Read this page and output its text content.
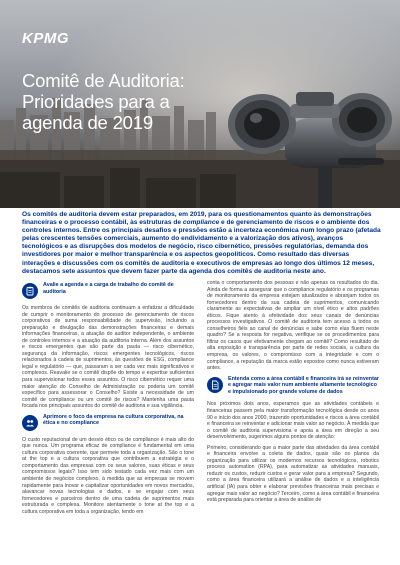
KPMG
Comitê de Auditoria:
Prioridades para a
agenda de 2019
Os comitês de auditoria devem estar preparados, em 2019, para os questionamentos quanto às demonstrações financeiras e o processo contábil, às estruturas de compliance e de gerenciamento de riscos e o ambiente dos controles internos. Entre os principais desafios e pressões estão a incerteza econômica num longo prazo (afetada pelas crescentes tensões comerciais, aumento do endividamento e a valorização dos ativos), avanços tecnológicos e as disrupções dos modelos de negócio, risco cibernético, pressões regulatórias, demanda dos investidores por maior e melhor transparência e os aspectos geopolíticos. Como resultado das diversas interações e discussões com os comitês de auditoria e executivos de empresas ao longo dos últimos 12 meses, destacamos sete assuntos que devem fazer parte da agenda dos comitês de auditoria neste ano.
Avalie a agenda e a carga de trabalho do comitê de auditoria

Os membros de comitês de auditoria continuam a enfatizar a dificuldade de cumprir o monitoramento do processo de gerenciamento de riscos corporativos de suma responsabilidade de supervisão, incluindo a preparação e divulgação das demonstrações financeiras e demais informações financeiras, a atuação do auditor independente, o ambiente de controles internos e a atuação da auditoria interna. Além dos assuntos e riscos emergentes que são parte da pauta — risco cibernético, segurança da informação, riscos emergentes tecnológicos, riscos relacionados à cadeia de suprimentos, às questões de ESG, compliance legal e regulatório — que, passaram a ser cada vez mais significativos e complexos. Reavalie se o comitê dispõe do tempo e expertise suficientes para supervisionar todos esses assuntos. O risco cibernético requer uma maior atenção do Conselho de Administração ou poderia um comitê específico para assessorar o Conselho? Existe a necessidade de um comitê de compliance ou um comitê de riscos? Mantenha uma pauta focada nos principais assuntos do comitê de auditoria e sua vigilância.

Aprimore o foco da empresa na cultura corporativa, na ética e no compliance

O custo reputacional de um desvio ético ou de compliance é mais alto do que nunca. Um programa eficaz de compliance é fundamental em uma cultura corporativa coerente, que permeie toda a organização. São o tone at the top e a cultura corporativa que contribuem a estratégia e o comportamento das empresas com os seus valores, suas éticas e seus compromissos legais? Isso tem sido testado cada vez mais com um ambiente de negócios complexo, à medida que as empresas se movem rapidamente para inovar e capitalizar oportunidades em novos mercados, alavancar novas tecnologias e dados, e se engajar com seus fornecedores e parceiros dentro de uma cadeia de suprimentos mais estruturada e complexa. Monitore atentamente o tone at the top e a cultura corporativa em toda a organização, tendo em

conta o comportamento dos pessoas e não apenas os resultados do dia. Ainda de forma a assegurar que o compliance regulatório e os programas de monitoramento da empresa estejam atualizados e abranjam todos os fornecedores dentro da sua cadeia de suprimentos, comunicando claramente as expectativas de ampliar um nível ético e altos padrões éticos. Fique atento à efetividade dos seus canais de denúncias processos investigativos. O comitê de auditoria tem acesso a todos os conselheiros fiéis ao canal de denúncias e sabe como elas fluem neste quadro? Se a resposta for negativa, verifique se os procedimentos para filtrar os casos que efetivamente chegam ao comitê? Como resultado de alta exposição e transparência por parte de redes sociais, a cultura da empresa, os valores, o compromisso com a integridade e com o compliance, a reputação da marca estão expostos como nunca estiveram antes.

Entenda como a área contábil e financeira irá se reinventar e agregar mais valor num ambiente altamente tecnológico e impulsionado por grande volume de dados

Nos próximos dois anos, esperamos que as atividades contábeis e financeiras passem pela maior transformação tecnológica desde os anos 90 e início dos anos 2000, trazendo oportunidades e riscos a área contábil e financeira se reinventar e adicionar mais valor ao negócio. À medida que o comitê de auditoria supervisiona e apoia a área em direção a seu desenvolvimento, sugerimos alguns pontos de atenção:

Primeiro, considerando que a maior parte das atividades da área contábil e financeira envolve a coleta de dados, quais são os planos da organização para utilizar os modernos recursos tecnológicos, robotics process automation (RPA), para automatizar as atividades manuais, reduzir os custos, reduzir custos e gerar valor para a empresa? Segundo, como a área financeira utilizará a análise de dados e a inteligência artificial (IA) para obter e elaborar previsões financeiras mais precisas e agregar mais valor ao negócio? Terceiro, como a área contábil e financeira está preparada para orientar a área de análise de
